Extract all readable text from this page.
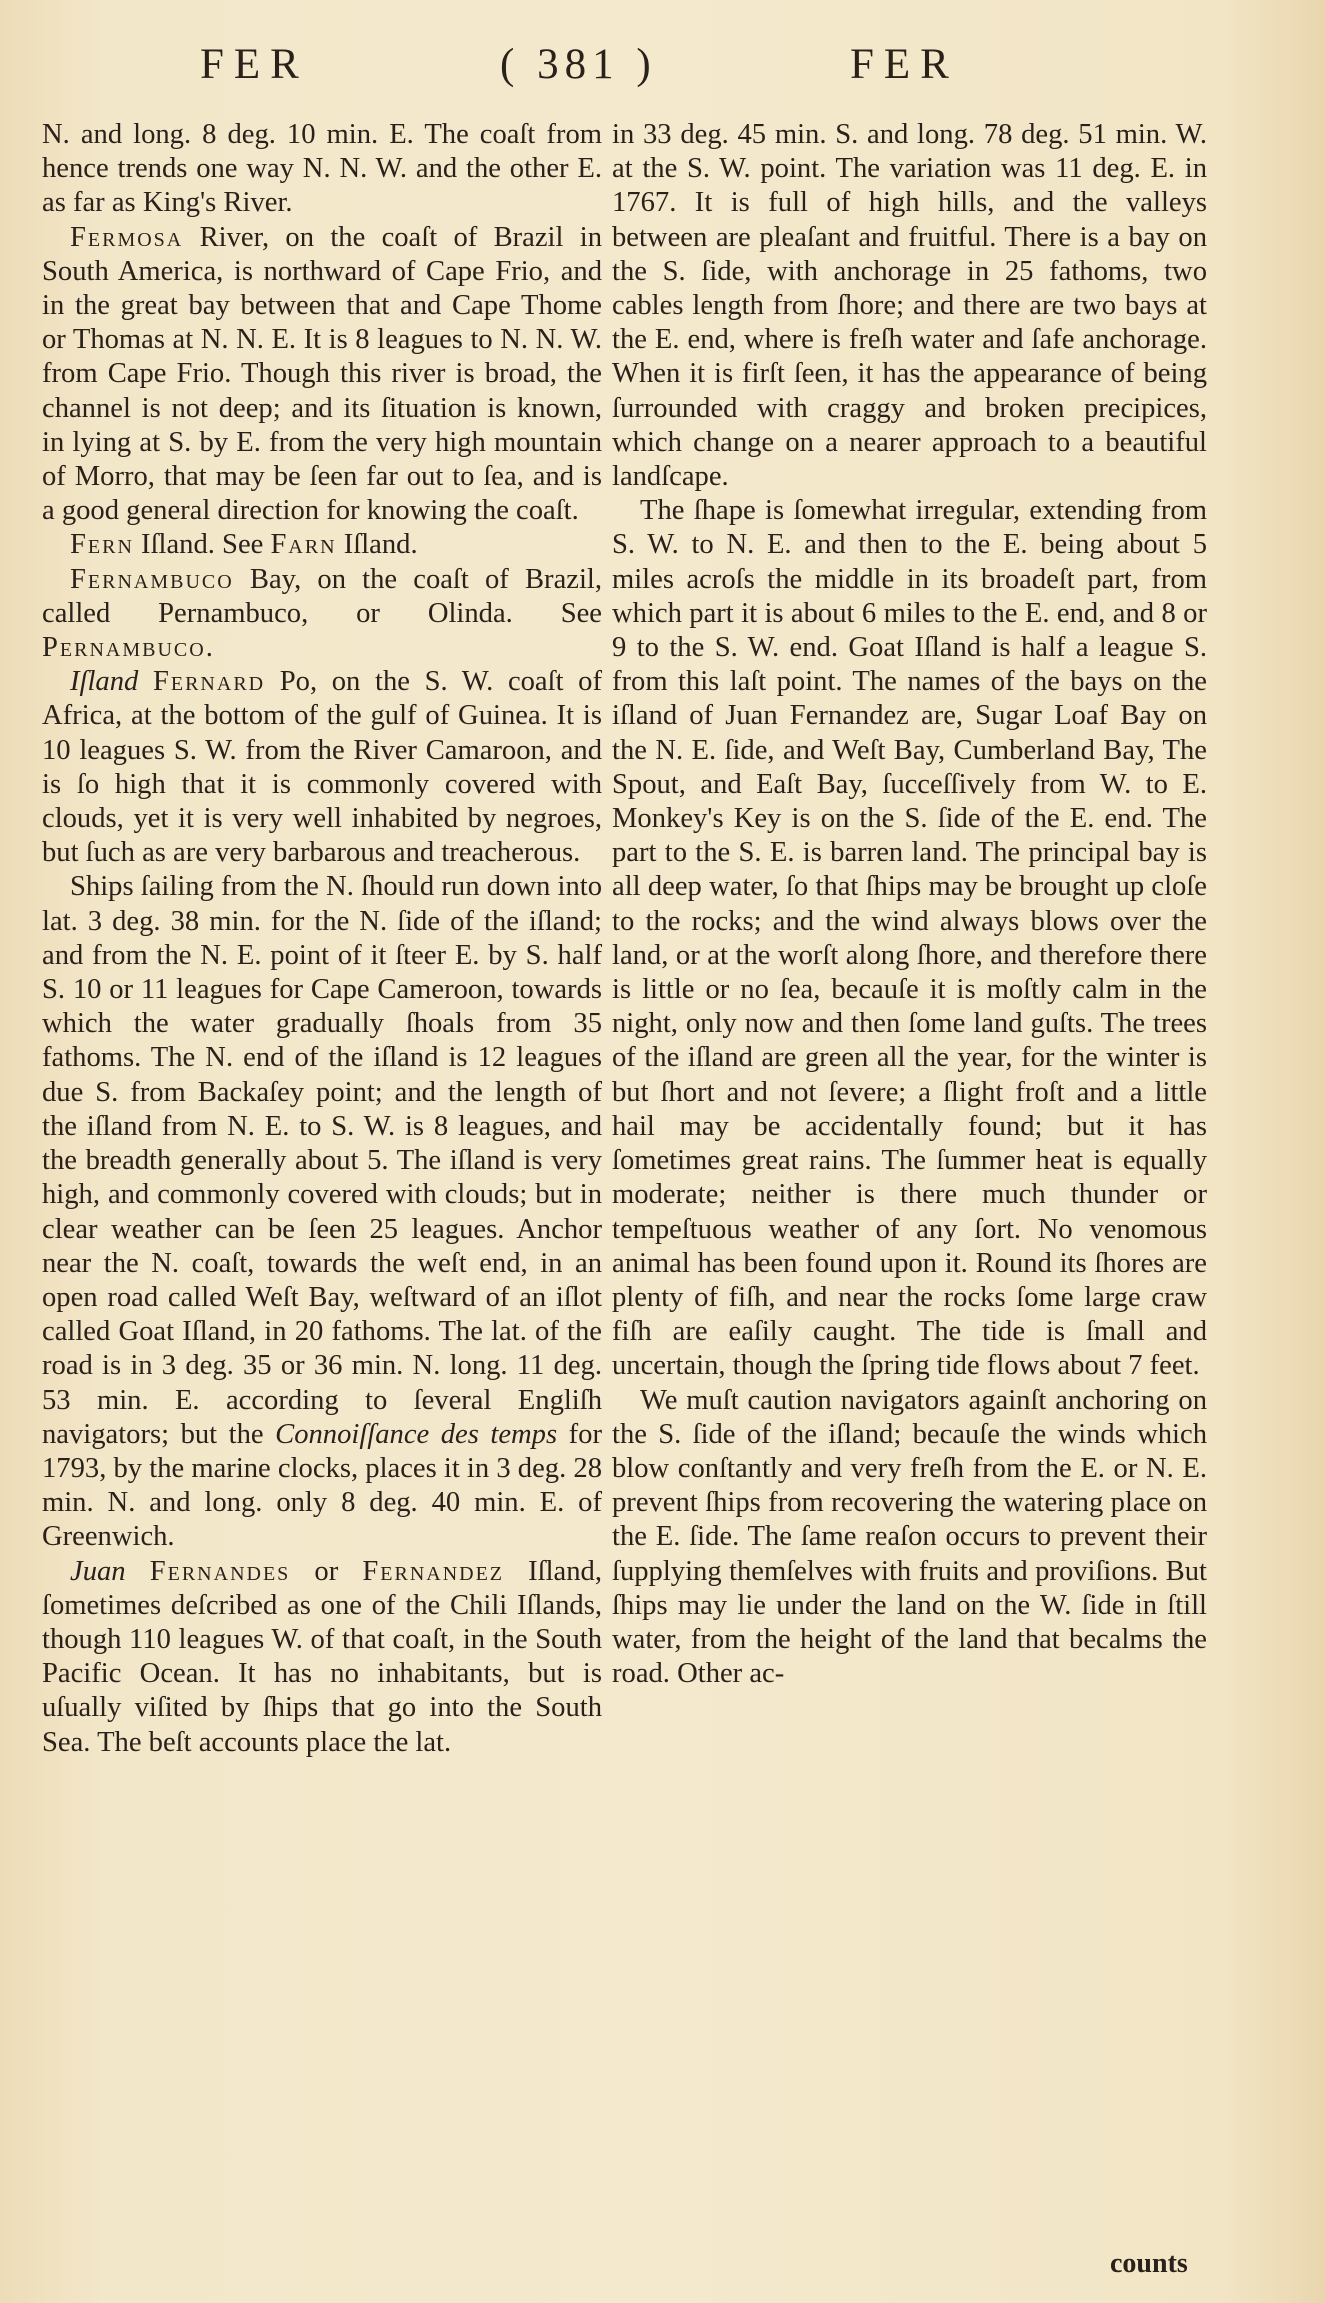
FER	( 381 )	FER

N. and long. 8 deg. 10 min. E. The coaſt from hence trends one way N. N. W. and the other E. as far as King's River.

Fermosa River, on the coaſt of Brazil in South America, is northward of Cape Frio, and in the great bay between that and Cape Thome or Thomas at N. N. E. It is 8 leagues to N. N. W. from Cape Frio. Though this river is broad, the channel is not deep; and its ſituation is known, in lying at S. by E. from the very high mountain of Morro, that may be ſeen far out to ſea, and is a good general direction for knowing the coaſt.

Fern Iſland. See Farn Iſland.

Fernambuco Bay, on the coaſt of Brazil, called Pernambuco, or Olinda. See Pernambuco.

Iſland Fernard Po, on the S. W. coaſt of Africa, at the bottom of the gulf of Guinea. It is 10 leagues S. W. from the River Camaroon, and is ſo high that it is commonly covered with clouds, yet it is very well inhabited by negroes, but ſuch as are very barbarous and treacherous.

Ships ſailing from the N. ſhould run down into lat. 3 deg. 38 min. for the N. ſide of the iſland; and from the N. E. point of it ſteer E. by S. half S. 10 or 11 leagues for Cape Cameroon, towards which the water gradually ſhoals from 35 fathoms. The N. end of the iſland is 12 leagues due S. from Backaſey point; and the length of the iſland from N. E. to S. W. is 8 leagues, and the breadth generally about 5. The iſland is very high, and commonly covered with clouds; but in clear weather can be ſeen 25 leagues. Anchor near the N. coaſt, towards the weſt end, in an open road called Weſt Bay, weſtward of an iſlot called Goat Iſland, in 20 fathoms. The lat. of the road is in 3 deg. 35 or 36 min. N. long. 11 deg. 53 min. E. according to ſeveral Engliſh navigators; but the Connoiſſance des temps for 1793, by the marine clocks, places it in 3 deg. 28 min. N. and long. only 8 deg. 40 min. E. of Greenwich.

Juan Fernandes or Fernandez Iſland, ſometimes deſcribed as one of the Chili Iſlands, though 110 leagues W. of that coaſt, in the South Pacific Ocean. It has no inhabitants, but is uſually viſited by ſhips that go into the South Sea. The beſt accounts place the lat.

in 33 deg. 45 min. S. and long. 78 deg. 51 min. W. at the S. W. point. The variation was 11 deg. E. in 1767. It is full of high hills, and the valleys between are pleaſant and fruitful. There is a bay on the S. ſide, with anchorage in 25 fathoms, two cables length from ſhore; and there are two bays at the E. end, where is freſh water and ſafe anchorage. When it is firſt ſeen, it has the appearance of being ſurrounded with craggy and broken precipices, which change on a nearer approach to a beautiful landſcape.

The ſhape is ſomewhat irregular, extending from S. W. to N. E. and then to the E. being about 5 miles acroſs the middle in its broadeſt part, from which part it is about 6 miles to the E. end, and 8 or 9 to the S. W. end. Goat Iſland is half a league S. from this laſt point. The names of the bays on the iſland of Juan Fernandez are, Sugar Loaf Bay on the N. E. ſide, and Weſt Bay, Cumberland Bay, The Spout, and Eaſt Bay, ſucceſſively from W. to E. Monkey's Key is on the S. ſide of the E. end. The part to the S. E. is barren land. The principal bay is all deep water, ſo that ſhips may be brought up cloſe to the rocks; and the wind always blows over the land, or at the worſt along ſhore, and therefore there is little or no ſea, becauſe it is moſtly calm in the night, only now and then ſome land guſts. The trees of the iſland are green all the year, for the winter is but ſhort and not ſevere; a ſlight froſt and a little hail may be accidentally found; but it has ſometimes great rains. The ſummer heat is equally moderate; neither is there much thunder or tempeſtuous weather of any ſort. No venomous animal has been found upon it. Round its ſhores are plenty of fiſh, and near the rocks ſome large craw fiſh are eaſily caught. The tide is ſmall and uncertain, though the ſpring tide flows about 7 feet.

We muſt caution navigators againſt anchoring on the S. ſide of the iſland; becauſe the winds which blow conſtantly and very freſh from the E. or N. E. prevent ſhips from recovering the watering place on the E. ſide. The ſame reaſon occurs to prevent their ſupplying themſelves with fruits and proviſions. But ſhips may lie under the land on the W. ſide in ſtill water, from the height of the land that becalms the road. Other ac-

counts
